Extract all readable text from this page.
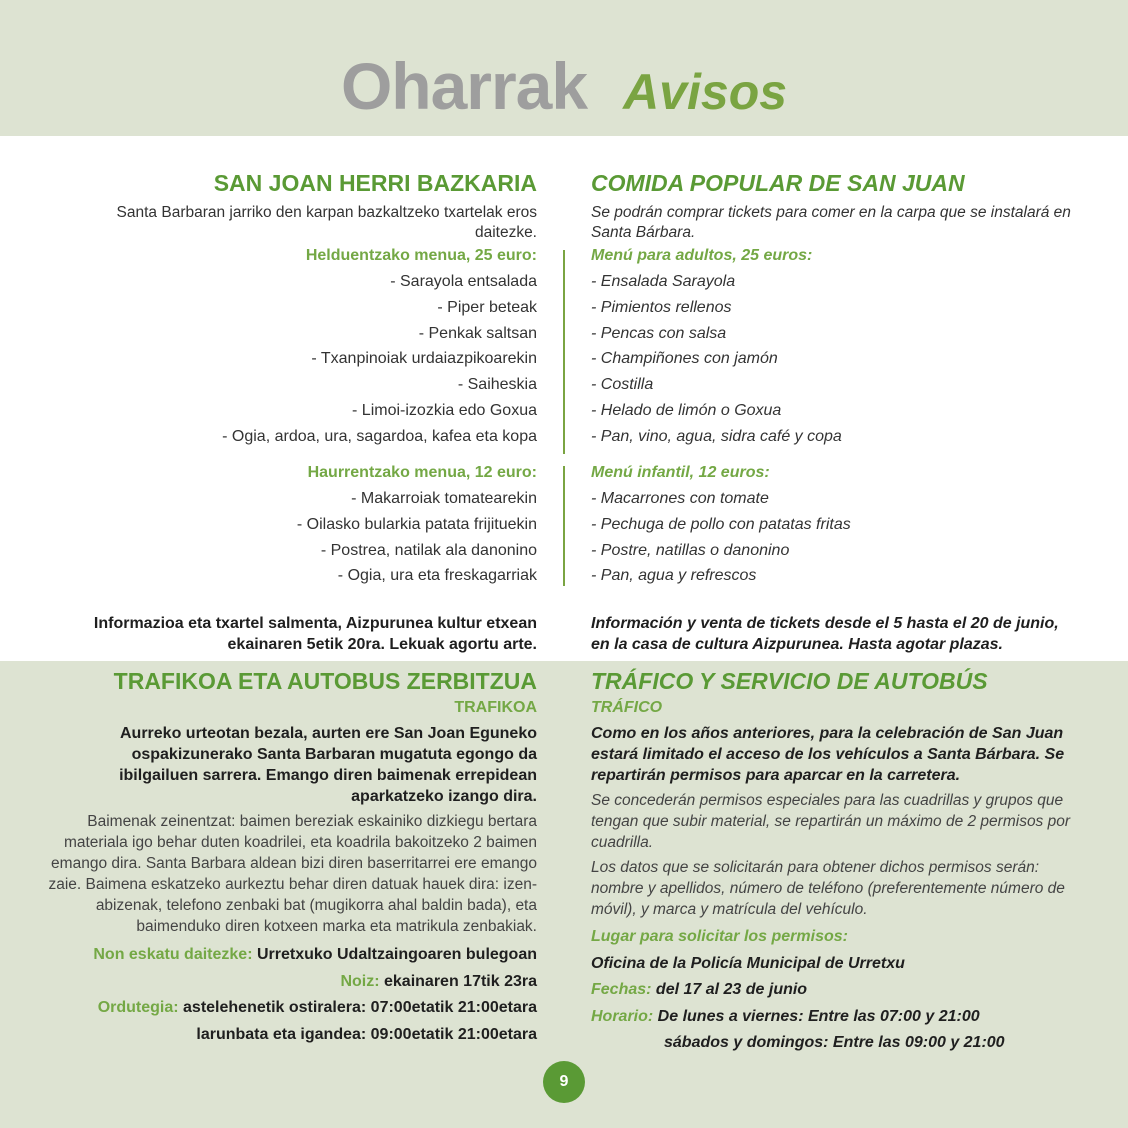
Oharrak Avisos
SAN JOAN HERRI BAZKARIA
Santa Barbaran jarriko den karpan bazkaltzeko txartelak eros daitezke.
Helduentzako menua, 25 euro:
- Sarayola entsalada
- Piper beteak
- Penkak saltsan
- Txanpinoiak urdaiazpikoarekin
- Saiheskia
- Limoi-izozkia edo Goxua
- Ogia, ardoa, ura, sagardoa, kafea eta kopa
Haurrentzako menua, 12 euro:
- Makarroiak tomatearekin
- Oilasko bularkia patata frijituekin
- Postrea, natilak ala danonino
- Ogia, ura eta freskagarriak
Informazioa eta txartel salmenta, Aizpurunea kultur etxean ekainaren 5etik 20ra. Lekuak agortu arte.
COMIDA POPULAR DE SAN JUAN
Se podrán comprar tickets para comer en la carpa que se instalará en Santa Bárbara.
Menú para adultos, 25 euros:
- Ensalada Sarayola
- Pimientos rellenos
- Pencas con salsa
- Champiñones con jamón
- Costilla
- Helado de limón o Goxua
- Pan, vino, agua, sidra café y copa
Menú infantil, 12 euros:
- Macarrones con tomate
- Pechuga de pollo con patatas fritas
- Postre, natillas o danonino
- Pan, agua y refrescos
Información y venta de tickets desde el 5 hasta el 20 de junio, en la casa de cultura Aizpurunea. Hasta agotar plazas.
TRAFIKOA ETA AUTOBUS ZERBITZUA
TRAFIKOA
Aurreko urteotan bezala, aurten ere San Joan Eguneko ospakizunerako Santa Barbaran mugatuta egongo da ibilgailuen sarrera. Emango diren baimenak errepidean aparkatzeko izango dira.
Baimenak zeinentzat: baimen bereziak eskainiko dizkiegu bertara materiala igo behar duten koadrilei, eta koadrila bakoitzeko 2 baimen emango dira. Santa Barbara aldean bizi diren baserritarrei ere emango zaie. Baimena eskatzeko aurkeztu behar diren datuak hauek dira: izen-abizenak, telefono zenbaki bat (mugikorra ahal baldin bada), eta baimenduko diren kotxeen marka eta matrikula zenbakiak.
Non eskatu daitezke: Urretxuko Udaltzaingoaren bulegoan
Noiz: ekainaren 17tik 23ra
Ordutegia: astelehenetik ostiralera: 07:00etatik 21:00etara
larunbata eta igandea: 09:00etatik 21:00etara
TRÁFICO Y SERVICIO DE AUTOBÚS
TRÁFICO
Como en los años anteriores, para la celebración de San Juan estará limitado el acceso de los vehículos a Santa Bárbara. Se repartirán permisos para aparcar en la carretera.
Se concederán permisos especiales para las cuadrillas y grupos que tengan que subir material, se repartirán un máximo de 2 permisos por cuadrilla.
Los datos que se solicitarán para obtener dichos permisos serán: nombre y apellidos, número de teléfono (preferentemente número de móvil), y marca y matrícula del vehículo.
Lugar para solicitar los permisos:
Oficina de la Policía Municipal de Urretxu
Fechas: del 17 al 23 de junio
Horario: De lunes a viernes: Entre las 07:00 y 21:00
sábados y domingos: Entre las 09:00 y 21:00
9
